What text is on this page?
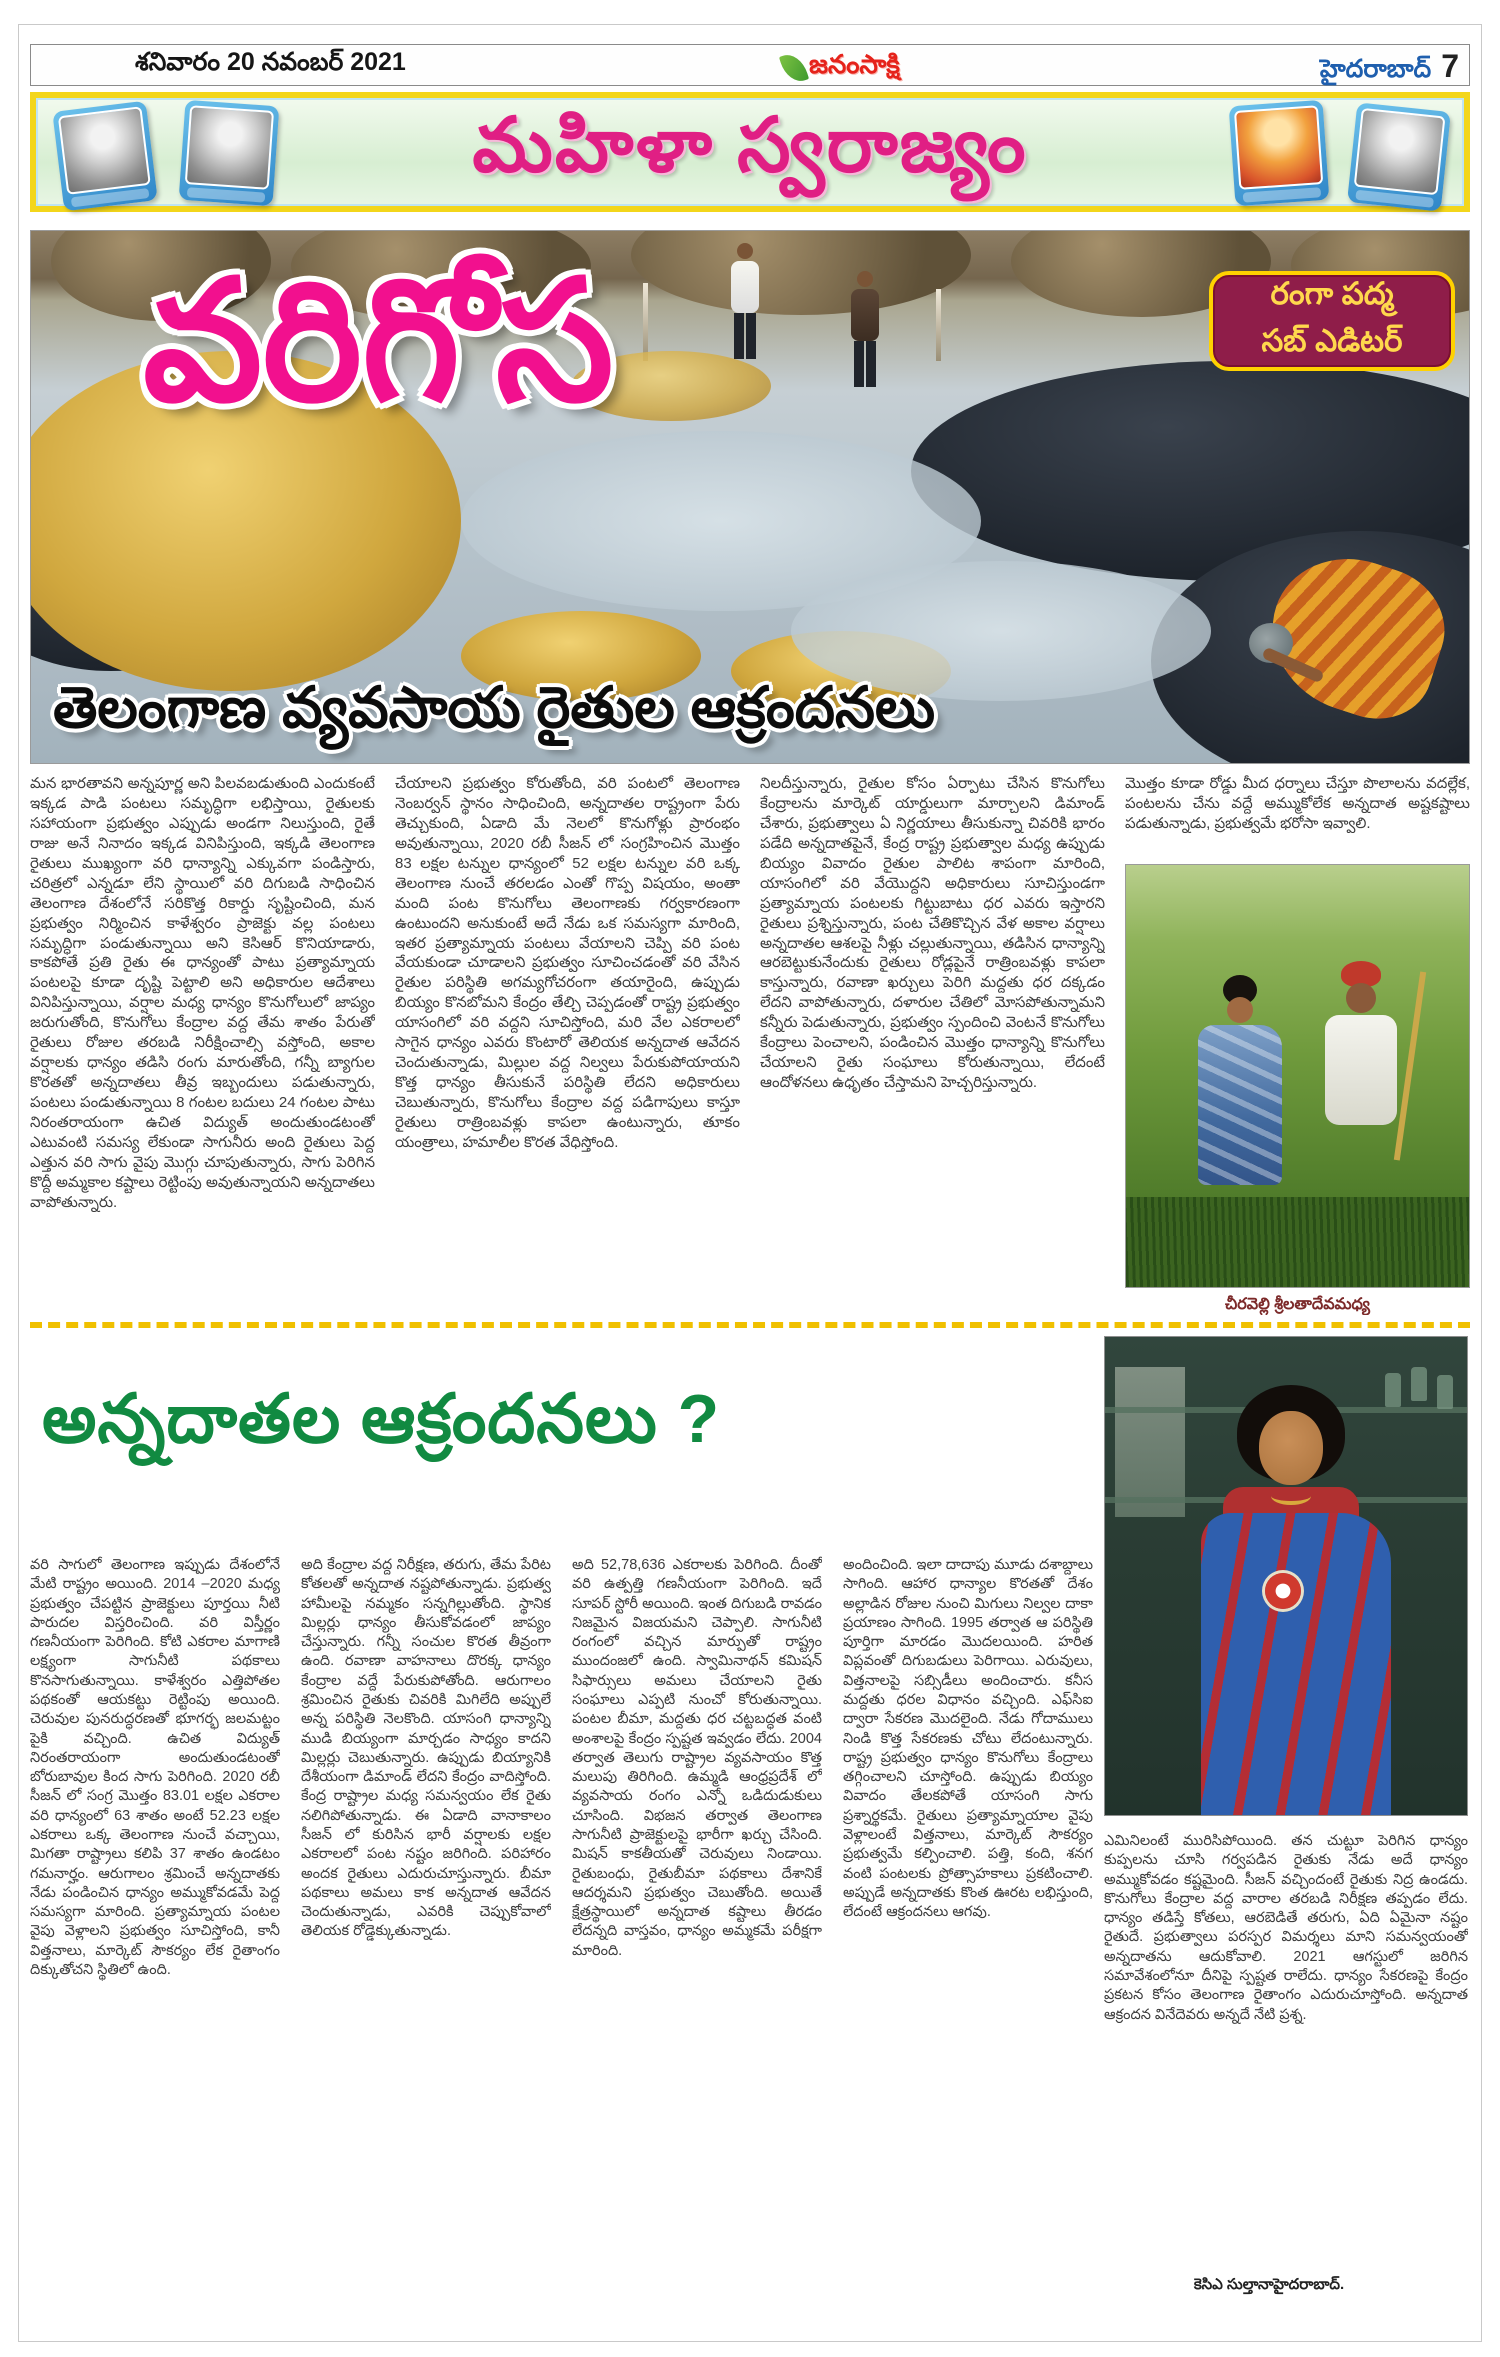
శనివారం 20 నవంబర్ 2021	జనంసాక్షి	హైదరాబాద్ 7
మహిళా స్వరాజ్యం
వరిగోస	రంగా పద్మ
సబ్ ఎడిటర్
తెలంగాణ వ్యవసాయ రైతుల ఆక్రందనలు
మన భారతావని అన్నపూర్ణ అని పిలవబడుతుంది ఎందుకంటే ఇక్కడ పాడి పంటలు సమృద్ధిగా లభిస్తాయి, రైతులకు సహాయంగా ప్రభుత్వం ఎప్పుడు అండగా నిలుస్తుంది, రైతే రాజు అనే నినాదం ఇక్కడ వినిపిస్తుంది, ఇక్కడి తెలంగాణ రైతులు ముఖ్యంగా వరి ధాన్యాన్ని ఎక్కువగా పండిస్తారు, చరిత్రలో ఎన్నడూ లేని స్థాయిలో వరి దిగుబడి సాధించిన తెలంగాణ దేశంలోనే సరికొత్త రికార్డు సృష్టించింది, మన ప్రభుత్వం నిర్మించిన కాళేశ్వరం ప్రాజెక్టు వల్ల పంటలు సమృద్ధిగా పండుతున్నాయి అని కెసిఆర్ కొనియాడారు, కాకపోతే ప్రతి రైతు ఈ ధాన్యంతో పాటు ప్రత్యామ్నాయ పంటలపై కూడా దృష్టి పెట్టాలి అని అధికారుల ఆదేశాలు వినిపిస్తున్నాయి, వర్షాల మధ్య ధాన్యం కొనుగోలులో జాప్యం జరుగుతోంది, కొనుగోలు కేంద్రాల వద్ద తేమ శాతం పేరుతో రైతులు రోజుల తరబడి నిరీక్షించాల్సి వస్తోంది, అకాల వర్షాలకు ధాన్యం తడిసి రంగు మారుతోంది, గన్నీ బ్యాగుల కొరతతో అన్నదాతలు తీవ్ర ఇబ్బందులు పడుతున్నారు, పంటలు పండుతున్నాయి 8 గంటల బదులు 24 గంటల పాటు నిరంతరాయంగా ఉచిత విద్యుత్ అందుతుండటంతో ఎటువంటి సమస్య లేకుండా సాగునీరు అంది రైతులు పెద్ద ఎత్తున వరి సాగు వైపు మొగ్గు చూపుతున్నారు, సాగు పెరిగిన కొద్దీ అమ్మకాల కష్టాలు రెట్టింపు అవుతున్నాయని అన్నదాతలు వాపోతున్నారు.
చేయాలని ప్రభుత్వం కోరుతోంది, వరి పంటలో తెలంగాణ నెంబర్వన్ స్థానం సాధించింది, అన్నదాతల రాష్ట్రంగా పేరు తెచ్చుకుంది, ఏడాది మే నెలలో కొనుగోళ్లు ప్రారంభం అవుతున్నాయి, 2020 రబీ సీజన్ లో సంగ్రహించిన మొత్తం 83 లక్షల టన్నుల ధాన్యంలో 52 లక్షల టన్నుల వరి ఒక్క తెలంగాణ నుంచే తరలడం ఎంతో గొప్ప విషయం, అంతా మంది పంట కొనుగోలు తెలంగాణకు గర్వకారణంగా ఉంటుందని అనుకుంటే అదే నేడు ఒక సమస్యగా మారింది, ఇతర ప్రత్యామ్నాయ పంటలు వేయాలని చెప్పి వరి పంట వేయకుండా చూడాలని ప్రభుత్వం సూచించడంతో వరి వేసిన రైతుల పరిస్థితి అగమ్యగోచరంగా తయారైంది, ఉప్పుడు బియ్యం కొనబోమని కేంద్రం తేల్చి చెప్పడంతో రాష్ట్ర ప్రభుత్వం యాసంగిలో వరి వద్దని సూచిస్తోంది, మరి వేల ఎకరాలలో సాగైన ధాన్యం ఎవరు కొంటారో తెలియక అన్నదాత ఆవేదన చెందుతున్నాడు, మిల్లుల వద్ద నిల్వలు పేరుకుపోయాయని కొత్త ధాన్యం తీసుకునే పరిస్థితి లేదని అధికారులు చెబుతున్నారు, కొనుగోలు కేంద్రాల వద్ద పడిగాపులు కాస్తూ రైతులు రాత్రింబవళ్లు కాపలా ఉంటున్నారు, తూకం యంత్రాలు, హమాలీల కొరత వేధిస్తోంది.
నిలదీస్తున్నారు, రైతుల కోసం ఏర్పాటు చేసిన కొనుగోలు కేంద్రాలను మార్కెట్ యార్డులుగా మార్చాలని డిమాండ్ చేశారు, ప్రభుత్వాలు ఏ నిర్ణయాలు తీసుకున్నా చివరికి భారం పడేది అన్నదాతపైనే, కేంద్ర రాష్ట్ర ప్రభుత్వాల మధ్య ఉప్పుడు బియ్యం వివాదం రైతుల పాలిట శాపంగా మారింది, యాసంగిలో వరి వేయొద్దని అధికారులు సూచిస్తుండగా ప్రత్యామ్నాయ పంటలకు గిట్టుబాటు ధర ఎవరు ఇస్తారని రైతులు ప్రశ్నిస్తున్నారు, పంట చేతికొచ్చిన వేళ అకాల వర్షాలు అన్నదాతల ఆశలపై నీళ్లు చల్లుతున్నాయి, తడిసిన ధాన్యాన్ని ఆరబెట్టుకునేందుకు రైతులు రోడ్లపైనే రాత్రింబవళ్లు కాపలా కాస్తున్నారు, రవాణా ఖర్చులు పెరిగి మద్దతు ధర దక్కడం లేదని వాపోతున్నారు, దళారుల చేతిలో మోసపోతున్నామని కన్నీరు పెడుతున్నారు, ప్రభుత్వం స్పందించి వెంటనే కొనుగోలు కేంద్రాలు పెంచాలని, పండించిన మొత్తం ధాన్యాన్ని కొనుగోలు చేయాలని రైతు సంఘాలు కోరుతున్నాయి, లేదంటే ఆందోళనలు ఉధృతం చేస్తామని హెచ్చరిస్తున్నారు.
మొత్తం కూడా రోడ్డు మీద ధర్నాలు చేస్తూ పొలాలను వదల్లేక, పంటలను చేను వద్దే అమ్ముకోలేక అన్నదాత అష్టకష్టాలు పడుతున్నాడు, ప్రభుత్వమే భరోసా ఇవ్వాలి.
చీరవెల్లి శ్రీలతాదేవమధ్య
అన్నదాతల ఆక్రందనలు ?
వరి సాగులో తెలంగాణ ఇప్పుడు దేశంలోనే మేటి రాష్ట్రం అయింది. 2014 –2020 మధ్య ప్రభుత్వం చేపట్టిన ప్రాజెక్టులు పూర్తయి నీటి పారుదల విస్తరించింది. వరి విస్తీర్ణం గణనీయంగా పెరిగింది. కోటి ఎకరాల మాగాణి లక్ష్యంగా సాగునీటి పథకాలు కొనసాగుతున్నాయి. కాళేశ్వరం ఎత్తిపోతల పథకంతో ఆయకట్టు రెట్టింపు అయింది. చెరువుల పునరుద్ధరణతో భూగర్భ జలమట్టం పైకి వచ్చింది. ఉచిత విద్యుత్ నిరంతరాయంగా అందుతుండటంతో బోరుబావుల కింద సాగు పెరిగింది. 2020 రబీ సీజన్ లో సంగ్ర మొత్తం 83.01 లక్షల ఎకరాల వరి ధాన్యంలో 63 శాతం అంటే 52.23 లక్షల ఎకరాలు ఒక్క తెలంగాణ నుంచే వచ్చాయి, మిగతా రాష్ట్రాలు కలిపి 37 శాతం ఉండటం గమనార్హం. ఆరుగాలం శ్రమించే అన్నదాతకు నేడు పండించిన ధాన్యం అమ్ముకోవడమే పెద్ద సమస్యగా మారింది. ప్రత్యామ్నాయ పంటల వైపు వెళ్లాలని ప్రభుత్వం సూచిస్తోంది, కానీ విత్తనాలు, మార్కెట్ సౌకర్యం లేక రైతాంగం దిక్కుతోచని స్థితిలో ఉంది.
అది కేంద్రాల వద్ద నిరీక్షణ, తరుగు, తేమ పేరిట కోతలతో అన్నదాత నష్టపోతున్నాడు. ప్రభుత్వ హామీలపై నమ్మకం సన్నగిల్లుతోంది. స్థానిక మిల్లర్లు ధాన్యం తీసుకోవడంలో జాప్యం చేస్తున్నారు. గన్నీ సంచుల కొరత తీవ్రంగా ఉంది. రవాణా వాహనాలు దొరక్క ధాన్యం కేంద్రాల వద్దే పేరుకుపోతోంది. ఆరుగాలం శ్రమించిన రైతుకు చివరికి మిగిలేది అప్పులే అన్న పరిస్థితి నెలకొంది. యాసంగి ధాన్యాన్ని ముడి బియ్యంగా మార్చడం సాధ్యం కాదని మిల్లర్లు చెబుతున్నారు. ఉప్పుడు బియ్యానికి దేశీయంగా డిమాండ్ లేదని కేంద్రం వాదిస్తోంది. కేంద్ర రాష్ట్రాల మధ్య సమన్వయం లేక రైతు నలిగిపోతున్నాడు. ఈ ఏడాది వానాకాలం సీజన్ లో కురిసిన భారీ వర్షాలకు లక్షల ఎకరాలలో పంట నష్టం జరిగింది. పరిహారం అందక రైతులు ఎదురుచూస్తున్నారు. బీమా పథకాలు అమలు కాక అన్నదాత ఆవేదన చెందుతున్నాడు, ఎవరికి చెప్పుకోవాలో తెలియక రోడ్డెక్కుతున్నాడు.
అది 52,78,636 ఎకరాలకు పెరిగింది. దీంతో వరి ఉత్పత్తి గణనీయంగా పెరిగింది. ఇదే సూపర్ స్టోరీ అయింది. ఇంత దిగుబడి రావడం నిజమైన విజయమని చెప్పాలి. సాగునీటి రంగంలో వచ్చిన మార్పుతో రాష్ట్రం ముందంజలో ఉంది. స్వామినాథన్ కమిషన్ సిఫార్సులు అమలు చేయాలని రైతు సంఘాలు ఎప్పటి నుంచో కోరుతున్నాయి. పంటల బీమా, మద్దతు ధర చట్టబద్ధత వంటి అంశాలపై కేంద్రం స్పష్టత ఇవ్వడం లేదు. 2004 తర్వాత తెలుగు రాష్ట్రాల వ్యవసాయం కొత్త మలుపు తిరిగింది. ఉమ్మడి ఆంధ్రప్రదేశ్ లో వ్యవసాయ రంగం ఎన్నో ఒడిదుడుకులు చూసింది. విభజన తర్వాత తెలంగాణ సాగునీటి ప్రాజెక్టులపై భారీగా ఖర్చు చేసింది. మిషన్ కాకతీయతో చెరువులు నిండాయి. రైతుబంధు, రైతుబీమా పథకాలు దేశానికే ఆదర్శమని ప్రభుత్వం చెబుతోంది. అయితే క్షేత్రస్థాయిలో అన్నదాత కష్టాలు తీరడం లేదన్నది వాస్తవం, ధాన్యం అమ్మకమే పరీక్షగా మారింది.
అందించింది. ఇలా దాదాపు మూడు దశాబ్దాలు సాగింది. ఆహార ధాన్యాల కొరతతో దేశం అల్లాడిన రోజుల నుంచి మిగులు నిల్వల దాకా ప్రయాణం సాగింది. 1995 తర్వాత ఆ పరిస్థితి పూర్తిగా మారడం మొదలయింది. హరిత విప్లవంతో దిగుబడులు పెరిగాయి. ఎరువులు, విత్తనాలపై సబ్సిడీలు అందించారు. కనీస మద్దతు ధరల విధానం వచ్చింది. ఎఫ్‌సిఐ ద్వారా సేకరణ మొదలైంది. నేడు గోదాములు నిండి కొత్త సేకరణకు చోటు లేదంటున్నారు. రాష్ట్ర ప్రభుత్వం ధాన్యం కొనుగోలు కేంద్రాలు తగ్గించాలని చూస్తోంది. ఉప్పుడు బియ్యం వివాదం తేలకపోతే యాసంగి సాగు ప్రశ్నార్థకమే. రైతులు ప్రత్యామ్నాయాల వైపు వెళ్లాలంటే విత్తనాలు, మార్కెట్ సౌకర్యం ప్రభుత్వమే కల్పించాలి. పత్తి, కంది, శనగ వంటి పంటలకు ప్రోత్సాహకాలు ప్రకటించాలి. అప్పుడే అన్నదాతకు కొంత ఊరట లభిస్తుంది, లేదంటే ఆక్రందనలు ఆగవు.
ఎమినిలంటే మురిసిపోయింది. తన చుట్టూ పెరిగిన ధాన్యం కుప్పలను చూసి గర్వపడిన రైతుకు నేడు అదే ధాన్యం అమ్ముకోవడం కష్టమైంది. సీజన్ వచ్చిందంటే రైతుకు నిద్ర ఉండదు. కొనుగోలు కేంద్రాల వద్ద వారాల తరబడి నిరీక్షణ తప్పడం లేదు. ధాన్యం తడిస్తే కోతలు, ఆరబెడితే తరుగు, ఏది ఏమైనా నష్టం రైతుదే. ప్రభుత్వాలు పరస్పర విమర్శలు మాని సమన్వయంతో అన్నదాతను ఆదుకోవాలి. 2021 ఆగస్టులో జరిగిన సమావేశంలోనూ దీనిపై స్పష్టత రాలేదు. ధాన్యం సేకరణపై కేంద్రం ప్రకటన కోసం తెలంగాణ రైతాంగం ఎదురుచూస్తోంది. అన్నదాత ఆక్రందన వినేదెవరు అన్నదే నేటి ప్రశ్న.
కెసిఎ సుల్తానాహైదరాబాద్.
